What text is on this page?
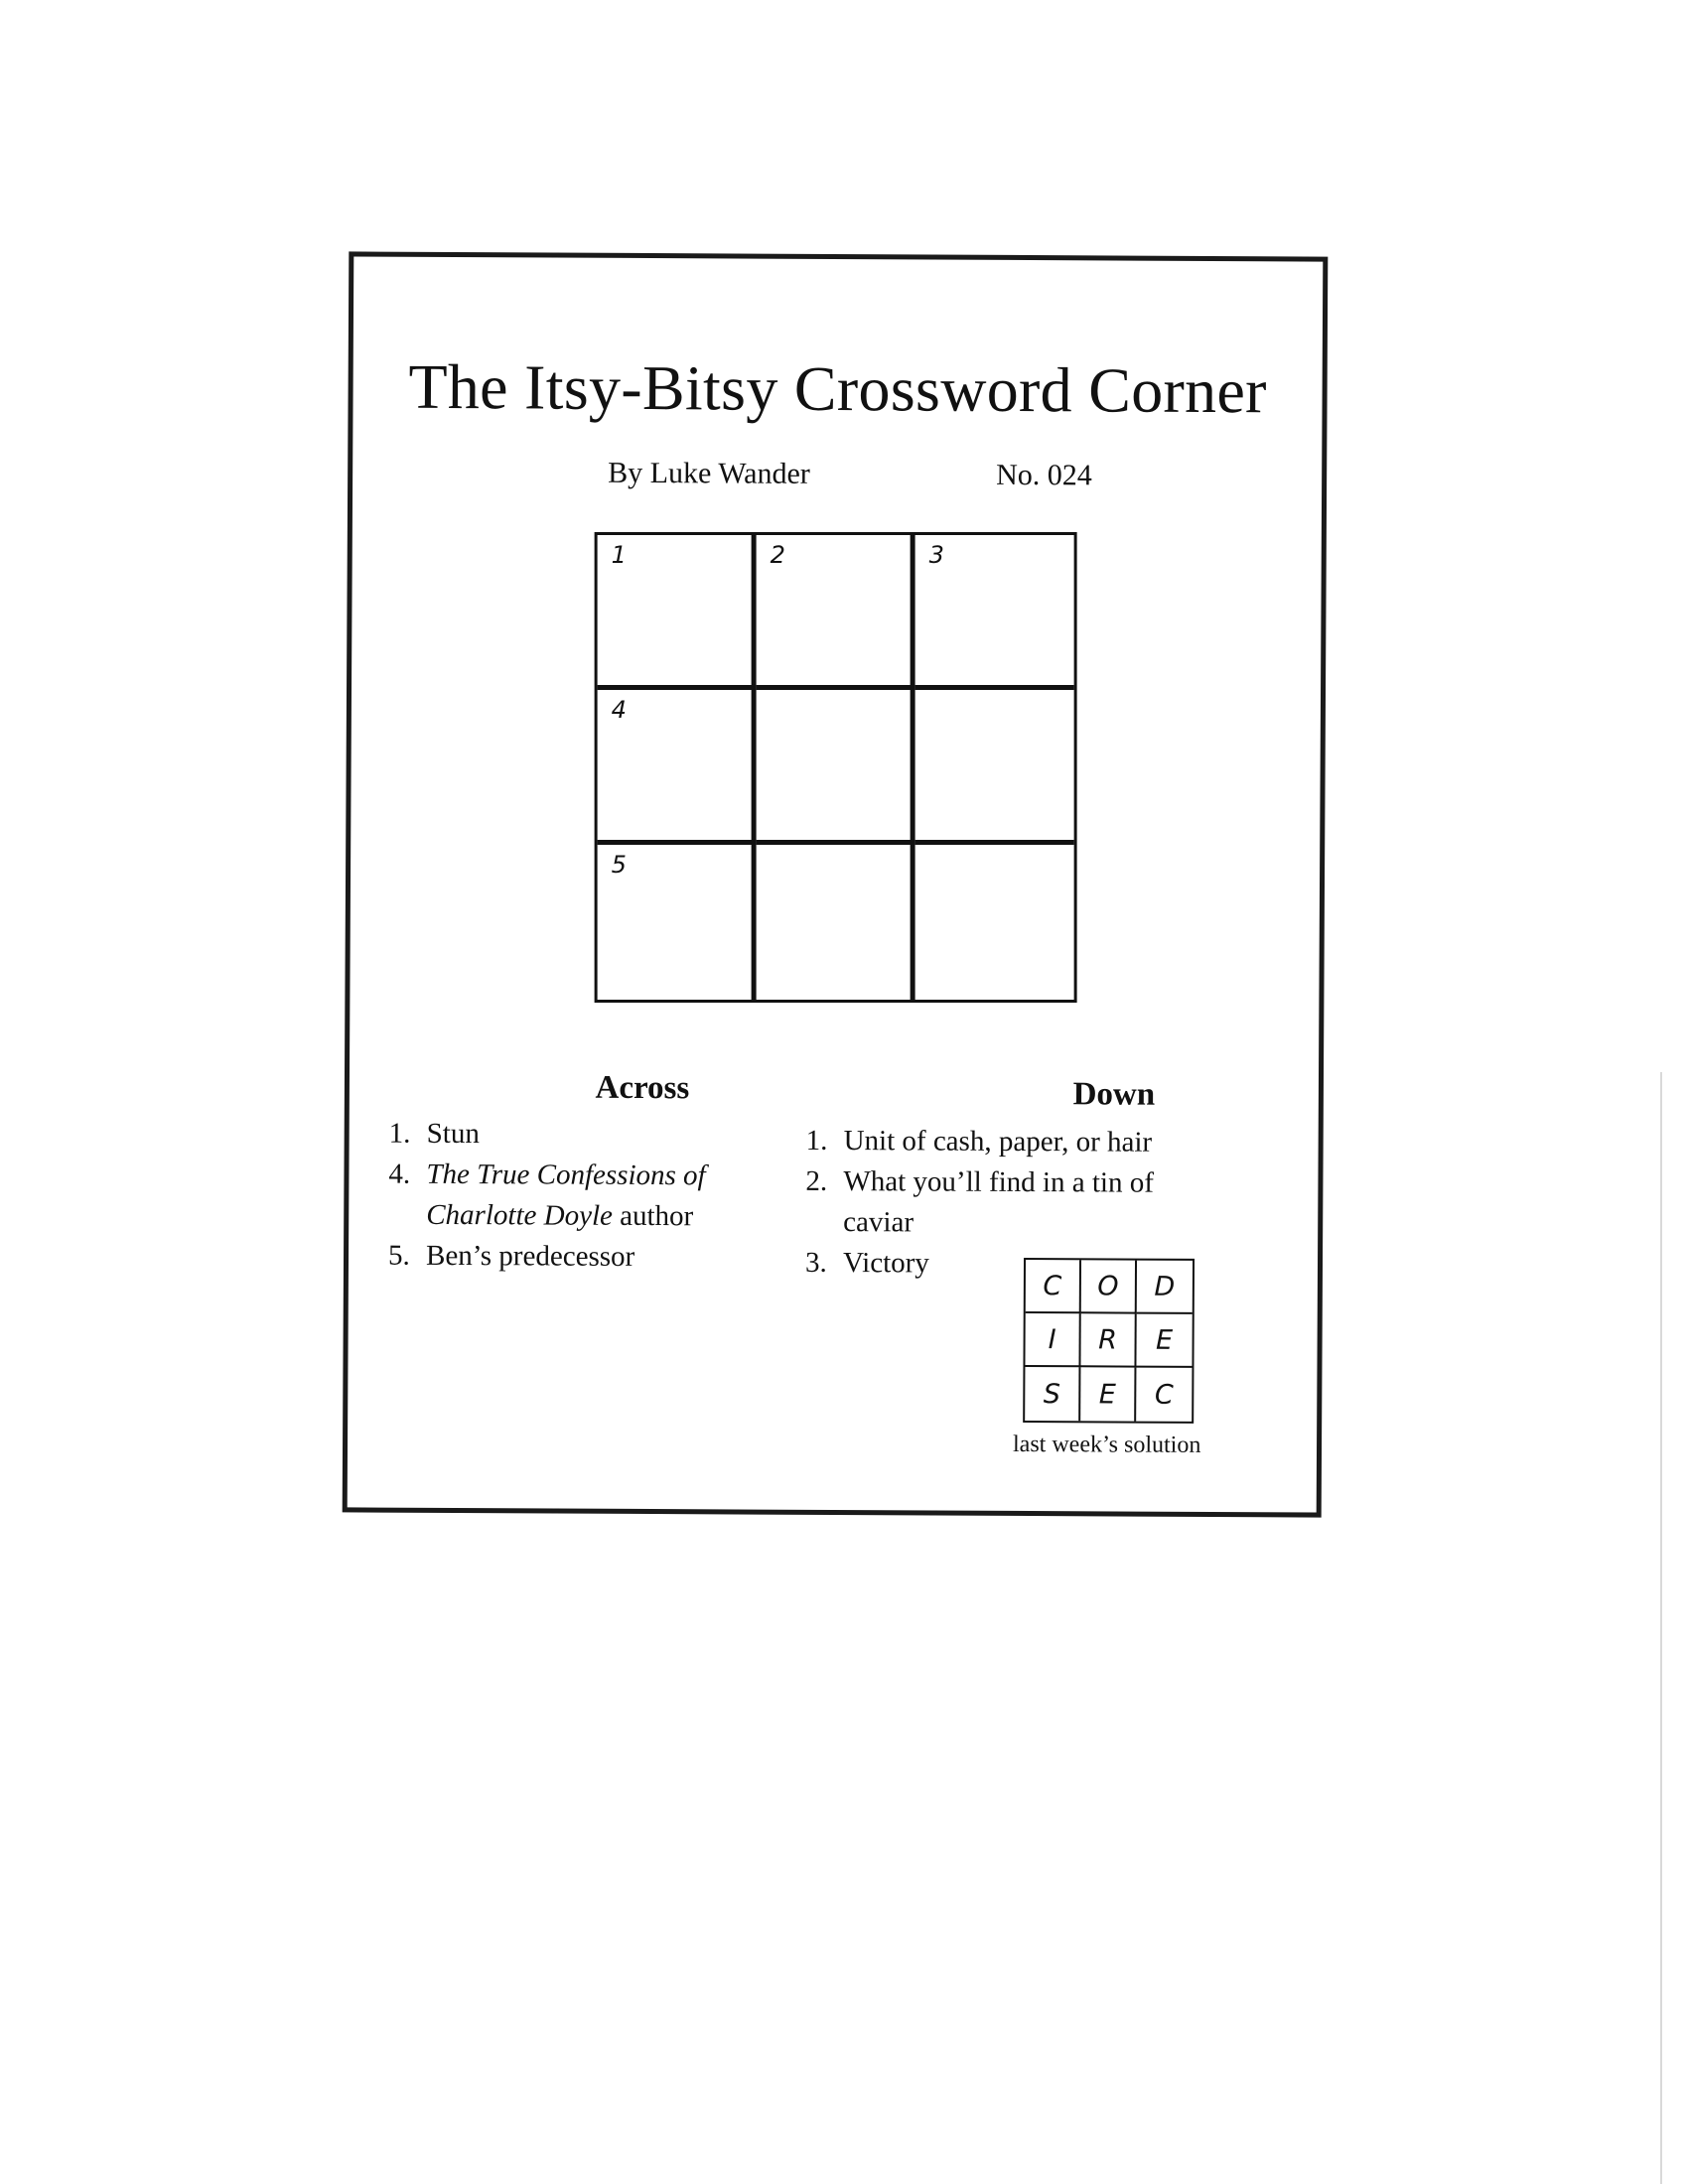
The Itsy-Bitsy Crossword Corner
By Luke Wander	No. 024
1	2	3
4
5
Across
1. Stun
4. The True Confessions of Charlotte Doyle author
5. Ben’s predecessor
Down
1. Unit of cash, paper, or hair
2. What you’ll find in a tin of caviar
3. Victory
C	O	D
I	R	E
S	E	C
last week’s solution
